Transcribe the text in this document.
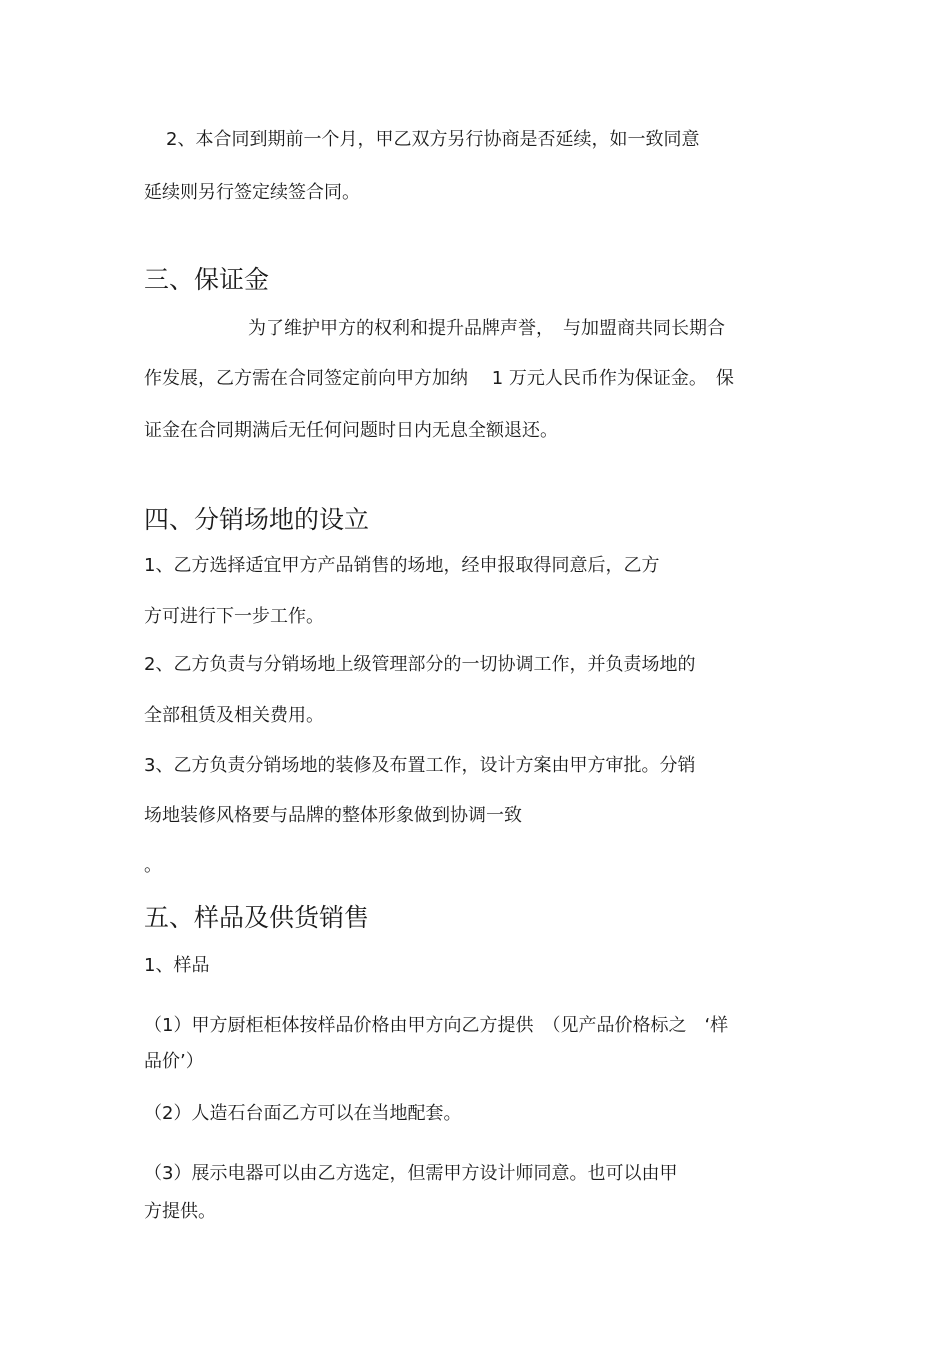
2、本合同到期前一个月，甲乙双方另行协商是否延续，如一致同意
延续则另行签定续签合同。
三、保证金
为了维护甲方的权利和提升品牌声誉，　与加盟商共同长期合
作发展，乙方需在合同签定前向甲方加纳　 1 万元人民币作为保证金。　保
证金在合同期满后无任何问题时日内无息全额退还。
四、分销场地的设立
1、乙方选择适宜甲方产品销售的场地，经申报取得同意后，乙方
方可进行下一步工作。
2、乙方负责与分销场地上级管理部分的一切协调工作，并负责场地的
全部租赁及相关费用。
3、乙方负责分销场地的装修及布置工作，设计方案由甲方审批。分销
场地装修风格要与品牌的整体形象做到协调一致
。
五、样品及供货销售
1、样品
（1）甲方厨柜柜体按样品价格由甲方向乙方提供　（见产品价格标之　‘样
品价’）
（2）人造石台面乙方可以在当地配套。
（3）展示电器可以由乙方选定，但需甲方设计师同意。也可以由甲
方提供。
